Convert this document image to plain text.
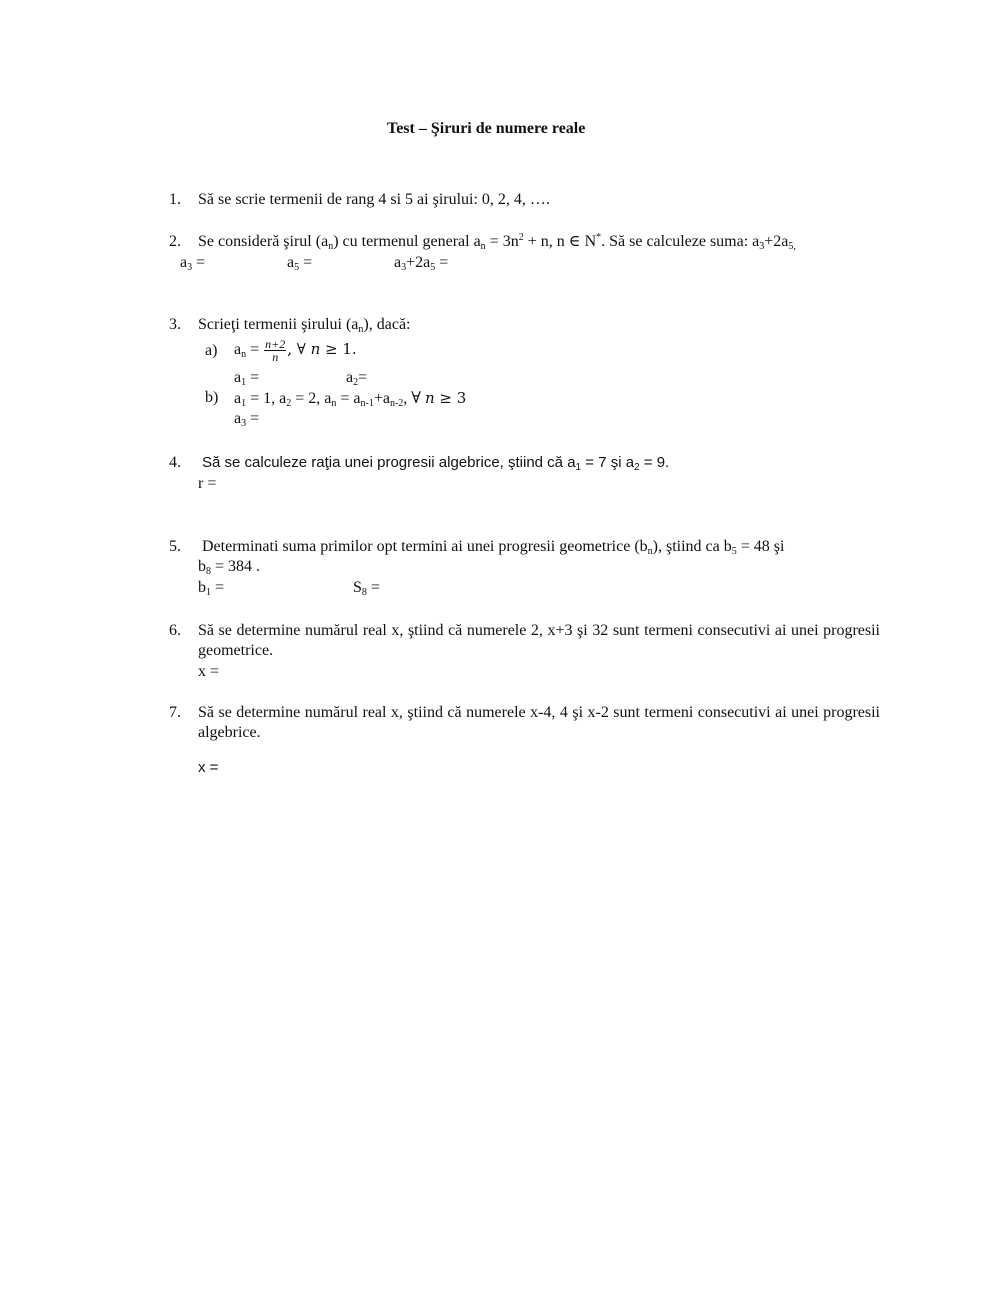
Test – Şiruri de numere reale
1. Să se scrie termenii de rang 4 si 5 ai şirului: 0, 2, 4, ….
2. Se consideră şirul $(a_n)$ cu termenul general $a_n = 3n^2 + n$, n ∈ N*. Să se calculeze suma: $a_3+2a_{5,}$
$a_3$ =	$a_5$ =	$a_3+2a_5$ =
3. Scrieţi termenii şirului $(a_n)$, dacă:
a) $a_n = \frac{n+2}{n}$ , ∀ n ≥ 1.
$a_1$ =	$a_2=$
b) $a_1 = 1$, $a_2 = 2$, $a_n = a_{n-1}+a_{n-2}$, ∀ n ≥ 3
$a_3$ =
4. Să se calculeze raţia unei progresii algebrice, ştiind că $a_1 = 7$ şi $a_2 = 9$.
r =
5. Determinati suma primilor opt termini ai unei progresii geometrice $(b_n)$, ştiind ca $b_5 = 48$ şi
$b_8 = 384$ .
$b_1$ =	$S_8$ =
6. Să se determine numărul real x, ştiind că numerele 2, x+3 şi 32 sunt termeni consecutivi ai unei progresii geometrice.
x =
7. Să se determine numărul real x, ştiind că numerele x-4, 4 şi x-2 sunt termeni consecutivi ai unei progresii algebrice.
x =
